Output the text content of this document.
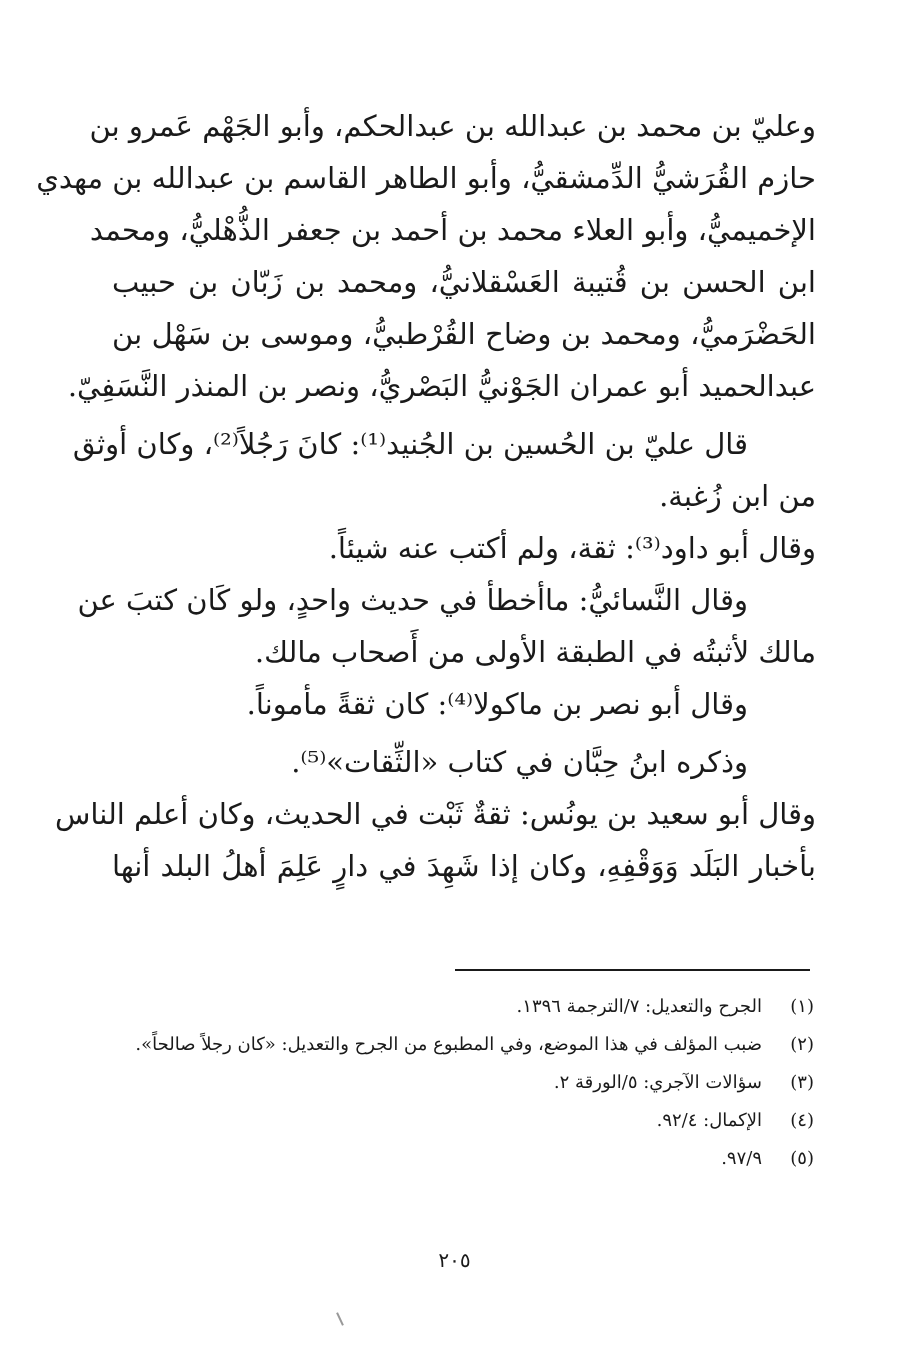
وعليّ بن محمد بن عبدالله بن عبدالحكم، وأبو الجَهْم عَمرو بن
حازم القُرَشيُّ الدِّمشقيُّ، وأبو الطاهر القاسم بن عبدالله بن مهدي
الإخميميُّ، وأبو العلاء محمد بن أحمد بن جعفر الذُّهْليُّ، ومحمد
ابن الحسن بن قُتيبة العَسْقلانيُّ، ومحمد بن زَبّان بن حبيب
الحَضْرَميُّ، ومحمد بن وضاح القُرْطبيُّ، وموسى بن سَهْل بن
عبدالحميد أبو عمران الجَوْنيُّ البَصْريُّ، ونصر بن المنذر النَّسَفِيّ.
قال عليّ بن الحُسين بن الجُنيد⁽¹⁾: كانَ رَجُلاً⁽²⁾، وكان أوثق
من ابن زُغبة.
وقال أبو داود⁽³⁾: ثقة، ولم أكتب عنه شيئاً.
وقال النَّسائيُّ: ماأخطأ في حديث واحدٍ، ولو كَان كتبَ عن
مالك لأثبتُه في الطبقة الأولى من أَصحاب مالك.
وقال أبو نصر بن ماكولا⁽⁴⁾: كان ثقةً مأموناً.
وذكره ابنُ حِبَّان في كتاب «الثِّقات»⁽⁵⁾.
وقال أبو سعيد بن يونُس: ثقةٌ ثَبْت في الحديث، وكان أعلم الناس
بأخبار البَلَد وَوَقْفِهِ، وكان إذا شَهِدَ في دارٍ عَلِمَ أهلُ البلد أنها
(١)
الجرح والتعديل: ٧/الترجمة ١٣٩٦.
(٢)
ضبب المؤلف في هذا الموضع، وفي المطبوع من الجرح والتعديل: «كان رجلاً صالحاً».
(٣)
سؤالات الآجري: ٥/الورقة ٢.
(٤)
الإكمال: ٩٢/٤.
(٥)
٩٧/٩.
٢٠٥
